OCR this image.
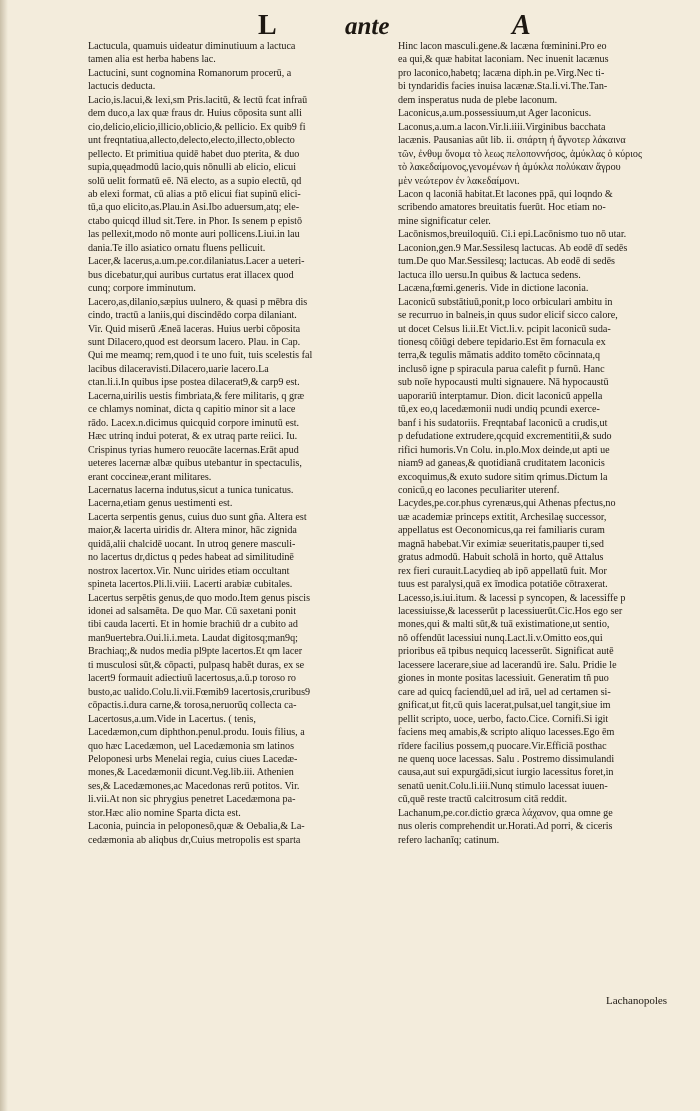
L	ante	A
Lactucula, quamuis uideatur diminutiuum a lactuca
tamen alia est herba habens lac.
Lactucini, sunt cognomina Romanorum procerū, a
lactucis deducta.
Lacio,is.lacui,& lexi,sm Pris.lacitū, & lectū fcat infraū
dem duco,a lax quæ fraus dr. Huius cōposita sunt alli
cio,delicio,elicio,illicio,oblicio,& pellicio. Ex quib9 fi
unt freqntatiua,allecto,delecto,electo,illecto,oblecto
pellecto. Et primitiua quidē habet duo pterita, & duo
supia,quęadmodū lacio,quis nōnulli ab elicio, elicui
solū uelit formatū eē. Nā electo, as a supio electū, qd
ab elexi format, cū alias a ptō elicui fiat supinū elici-
tū,a quo elicito,as.Plau.in Asi.Ibo aduersum,atq; ele-
ctabo quicqd illud sit.Tere. in Phor. Is senem p epistō
las pellexit,modo nō monte auri pollicens.Liui.in lau
dania.Te illo asiatico ornatu fluens pellicuit.
Lacer,& lacerus,a.um.pe.cor.dilaniatus.Lacer a ueteri-
bus dicebatur,qui auribus curtatus erat illacex quod
cunq; corpore imminutum.
Lacero,as,dilanio,sæpius uulnero, & quasi p mēbra dis
cindo, tractū a laniis,qui discindēdo corpa dilaniant.
Vir. Quid miserū Æneā laceras. Huius uerbi cōposita
sunt Dilacero,quod est deorsum lacero. Plau. in Cap.
Qui me meamq; rem,quod i te uno fuit, tuis scelestis fal
lacibus dilaceravisti.Dilacero,uarie lacero.La
ctan.li.i.In quibus ipse postea dilacerat9,& carp9 est.
Lacerna,uirilis uestis fimbriata,& fere militaris, q græ
ce chlamys nominat, dicta q capitio minor sit a lace
rādo. Lacex.n.dicimus quicquid corpore iminutū est.
Hæc utrinq indui poterat, & ex utraq parte reiici. Iu.
Crispinus tyrias humero reuocāte lacernas.Erāt apud
ueteres lacernæ albæ quibus utebantur in spectaculis,
erant coccineæ,erant militares.
Lacernatus lacerna indutus,sicut a tunica tunicatus.
Lacerna,etiam genus uestimenti est.
Lacerta serpentis genus, cuius duo sunt gña. Altera est
maior,& lacerta uiridis dr. Altera minor, hāc zignida
quidā,alii chalcidē uocant. In utroq genere masculi-
no lacertus dr,dictus q pedes habeat ad similitudinē
nostrox lacertox.Vir. Nunc uirides etiam occultant
spineta lacertos.Pli.li.viii. Lacerti arabiæ cubitales.
Lacertus serpētis genus,de quo modo.Item genus piscis
idonei ad salsamēta. De quo Mar. Cū saxetani ponit
tibi cauda lacerti. Et in homie brachiū dr a cubito ad
man9uertebra.Oui.li.i.meta. Laudat digitosq;man9q;
Brachiaq;,& nudos media pl9pte lacertos.Et qm lacer
ti musculosi sūt,& cōpacti, pulpasq habēt duras, ex se
lacert9 formauit adiectiuū lacertosus,a.ū.p toroso ro
busto,ac ualido.Colu.li.vii.Fœmib9 lacertosis,cruribus9
cōpactis.i.dura carne,& torosa,neruorūq collecta ca-
Lacertosus,a.um.Vide in Lacertus. ( tenis,
Lacedæmon,cum diphthon.penul.produ. Iouis filius, a
quo hæc Lacedæmon, uel Lacedæmonia sm latinos
Peloponesi urbs Menelai regia, cuius ciues Lacedæ-
mones,& Lacedæmonii dicunt.Veg.lib.iii. Athenien
ses,& Lacedæmones,ac Macedonas rerū potitos. Vir.
li.vii.At non sic phrygius penetret Lacedæmona pa-
stor.Hæc alio nomine Sparta dicta est.
Laconia, puincia in peloponesō,quæ & Oebalia,& La-
cedæmonia ab aliqbus dr,Cuius metropolis est sparta
Hinc lacon masculi.gene.& lacæna fœminini.Pro eo
ea qui,& quæ habitat laconiam. Nec inuenit lacænus
pro laconico,habetq; lacæna diph.in pe.Virg.Nec ti-
bi tyndaridis facies inuisa lacænæ.Sta.li.vi.The.Tan-
dem insperatus nuda de plebe laconum.
Laconicus,a.um.possessiuum,ut Ager laconicus.
Laconus,a.um.a lacon.Vir.li.iiii.Virginibus bacchata
lacænis. Pausanias aūt lib. ii. σπάρτη ἡ ἄγνοτερ λάκαινα
τῶν, ἐνθυμ ὄνομα τὸ λεως πελοποννήσος, ἀμύκλας ὁ κύριος
τὸ λακεδαίμονος,γενομένων ἡ ἀμύκλα πολύκαιν ἄγρου
μὲν νεώτερον ἐν λακεδαίμονι.
Lacon q laconiā habitat.Et lacones ppā, qui loqndo &
scribendo amatores breuitatis fuerūt. Hoc etiam no-
mine significatur celer.
Lacōnismos,breuiloquiū. Ci.i epi.Lacōnismo tuo nō utar.
Laconion,gen.9 Mar.Sessilesq lactucas. Ab eodē dī sedēs
tum.De quo Mar.Sessilesq; lactucas. Ab eodē di sedēs
lactuca illo uersu.In quibus & lactuca sedens.
Lacæna,fœmi.generis. Vide in dictione laconia.
Laconicū substātiuū,ponit,p loco orbiculari ambitu in
se recurruo in balneis,in quus sudor elicif sicco calore,
ut docet Celsus li.ii.Et Vict.li.v. pcipit laconicū suda-
tionesq cōiūgi debere tepidario.Est ēm fornacula ex
terra,& tegulis māmatis addito tomēto cōcinnata,q
inclusō igne p spiracula parua calefit p furnū. Hanc
sub noīe hypocausti multi signauere. Nā hypocaustū
uaporariū interptamur. Dion. dicit laconicū appella
tū,ex eo,q lacedæmonii nudi undiq pcundi exerce-
banf i his sudatoriis. Freqntabaf laconicū a crudis,ut
p defudatione extrudere,qcquid excrementitii,& sudo
rifici humoris.Vn Colu. in.plo.Mox deinde,ut apti ue
niam9 ad ganeas,& quotidianā cruditatem laconicis
excoquimus,& exuto sudore sitim qrimus.Dictum la
conicū,q eo lacones peculiariter uterenf.
Lacydes,pe.cor.phus cyrenæus,qui Athenas pfectus,no
uæ academiæ princeps extitit, Archesilaę successor,
appellatus est Oeconomicus,qa rei familiaris curam
magnā habebat.Vir eximiæ seueritatis,pauper ti,sed
gratus admodū. Habuit scholā in horto, quē Attalus
rex fieri curauit.Lacydieq ab ipō appellatū fuit. Mor
tuus est paralysi,quā ex īmodica potatiōe cōtraxerat.
Lacesso,is.iui.itum. & lacessi p syncopen, & lacessiffe p
lacessiuisse,& lacesserūt p lacessiuerūt.Cic.Hos ego ser
mones,qui & malti sūt,& tuā existimatione,ut sentio,
nō offendūt lacessiui nunq.Lact.li.v.Omitto eos,qui
prioribus eā tpibus nequicq lacesserūt. Significat autē
lacessere lacerare,siue ad lacerandū ire. Salu. Pridie le
giones in monte positas lacessiuit. Generatim tñ puo
care ad quicq faciendū,uel ad irā, uel ad certamen si-
gnificat,ut fit,cū quis lacerat,pulsat,uel tangit,siue im
pellit scripto, uoce, uerbo, facto.Cice. Cornifi.Si igit
faciens meq amabis,& scripto aliquo lacesses.Ego ēm
rīdere facilius possem,q puocare.Vir.Efficiā posthac
ne quenq uoce lacessas. Salu . Postremo dissimulandi
causa,aut sui expurgādi,sicut iurgio lacessitus foret,in
senatū uenit.Colu.li.iii.Nunq stimulo lacessat iuuen-
cū,quē reste tractū calcitrosum citā reddit.
Lachanum,pe.cor.dictio græca λάχανον, qua omne ge
nus oleris comprehendit ur.Horati.Ad porri, & ciceris
refero lachanīq; catinum.
Lachanopoles
